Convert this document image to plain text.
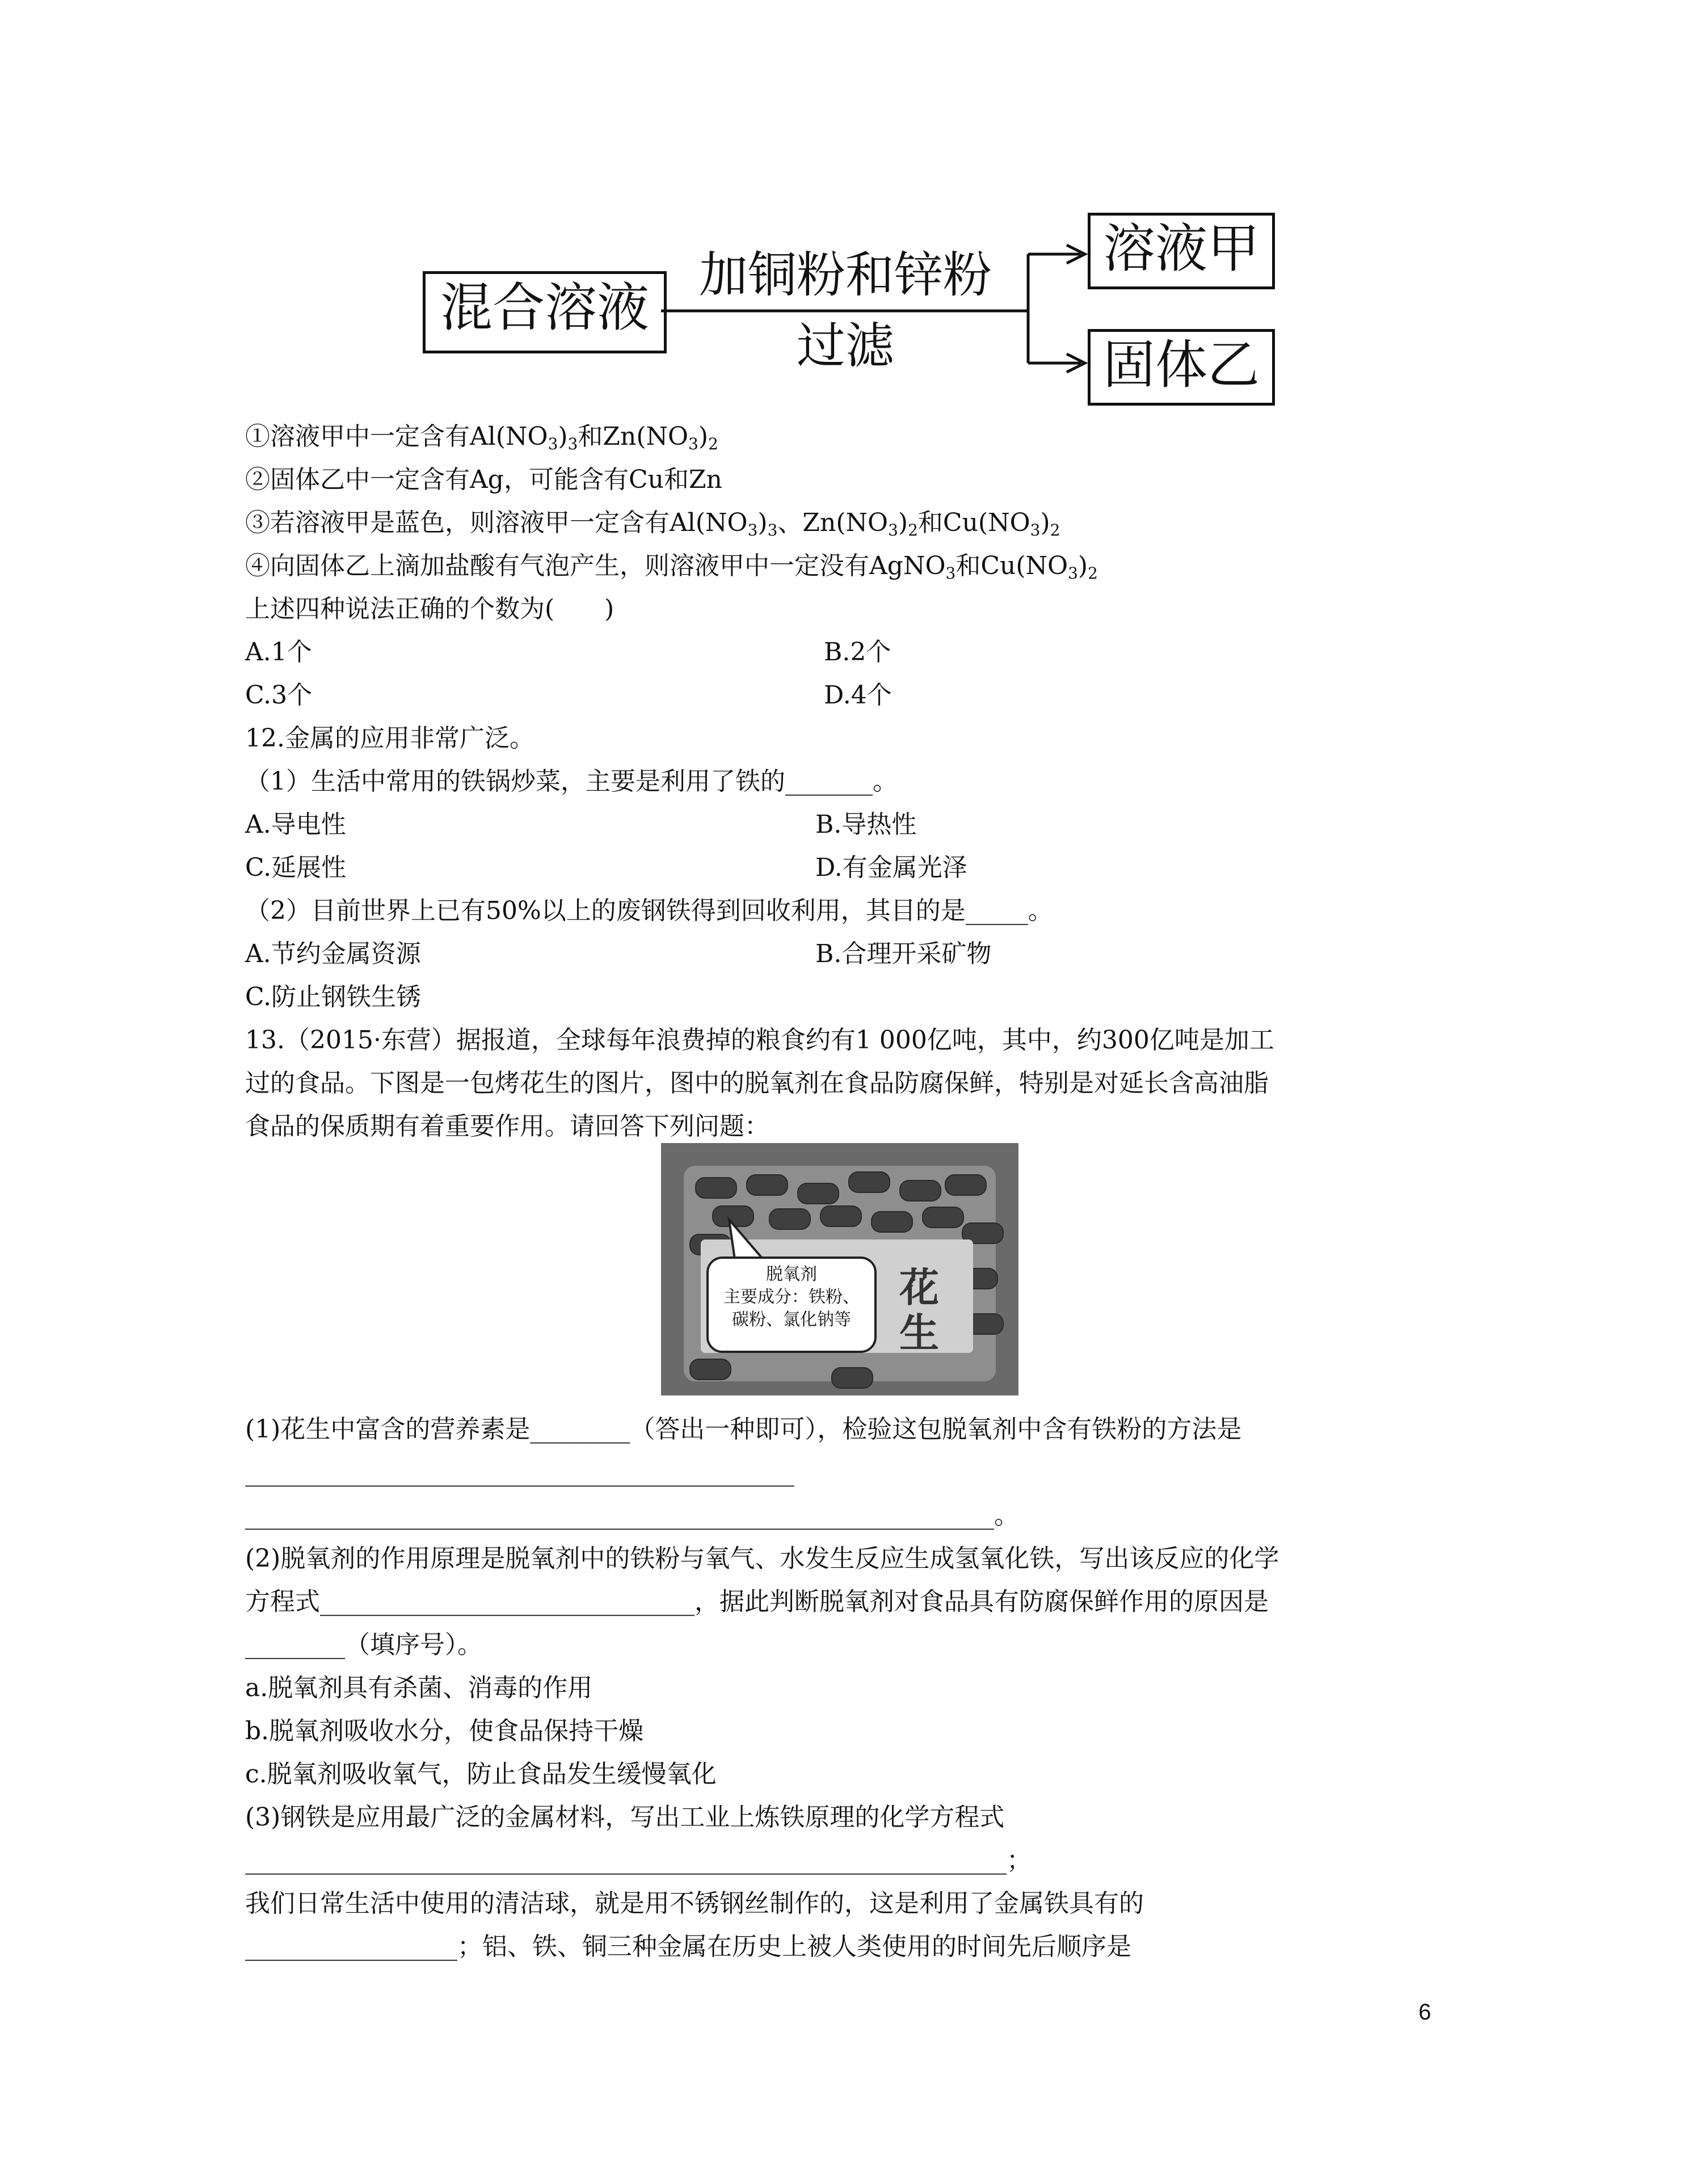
混合溶液
加铜粉和锌粉
过滤
溶液甲
固体乙
①溶液甲中一定含有$Al(NO_3)_3$和$Zn(NO_3)_2$
②固体乙中一定含有Ag，可能含有Cu和Zn
③若溶液甲是蓝色，则溶液甲一定含有$Al(NO_3)_3$、$Zn(NO_3)_2$和$Cu(NO_3)_2$
④向固体乙上滴加盐酸有气泡产生，则溶液甲中一定没有AgNO$_3$和$Cu(NO_3)_2$
上述四种说法正确的个数为(　　)
A.1个	B.2个
C.3个	D.4个
12.金属的应用非常广泛。
（1）生活中常用的铁锅炒菜，主要是利用了铁的_______。
A.导电性	B.导热性
C.延展性	D.有金属光泽
（2）目前世界上已有50%以上的废钢铁得到回收利用，其目的是_____。
A.节约金属资源	B.合理开采矿物
C.防止钢铁生锈
13.（2015·东营）据报道，全球每年浪费掉的粮食约有1 000亿吨，其中，约300亿吨是加工
过的食品。下图是一包烤花生的图片，图中的脱氧剂在食品防腐保鲜，特别是对延长含高油脂
食品的保质期有着重要作用。请回答下列问题：
花生
脱氧剂
主要成分：铁粉、
碳粉、氯化钠等
(1)花生中富含的营养素是________（答出一种即可），检验这包脱氧剂中含有铁粉的方法是
____________________________________________
____________________________________________________________。
(2)脱氧剂的作用原理是脱氧剂中的铁粉与氧气、水发生反应生成氢氧化铁，写出该反应的化学
方程式______________________________，据此判断脱氧剂对食品具有防腐保鲜作用的原因是
________（填序号）。
a.脱氧剂具有杀菌、消毒的作用
b.脱氧剂吸收水分，使食品保持干燥
c.脱氧剂吸收氧气，防止食品发生缓慢氧化
(3)钢铁是应用最广泛的金属材料，写出工业上炼铁原理的化学方程式
_____________________________________________________________；
我们日常生活中使用的清洁球，就是用不锈钢丝制作的，这是利用了金属铁具有的
_________________；铝、铁、铜三种金属在历史上被人类使用的时间先后顺序是
6
